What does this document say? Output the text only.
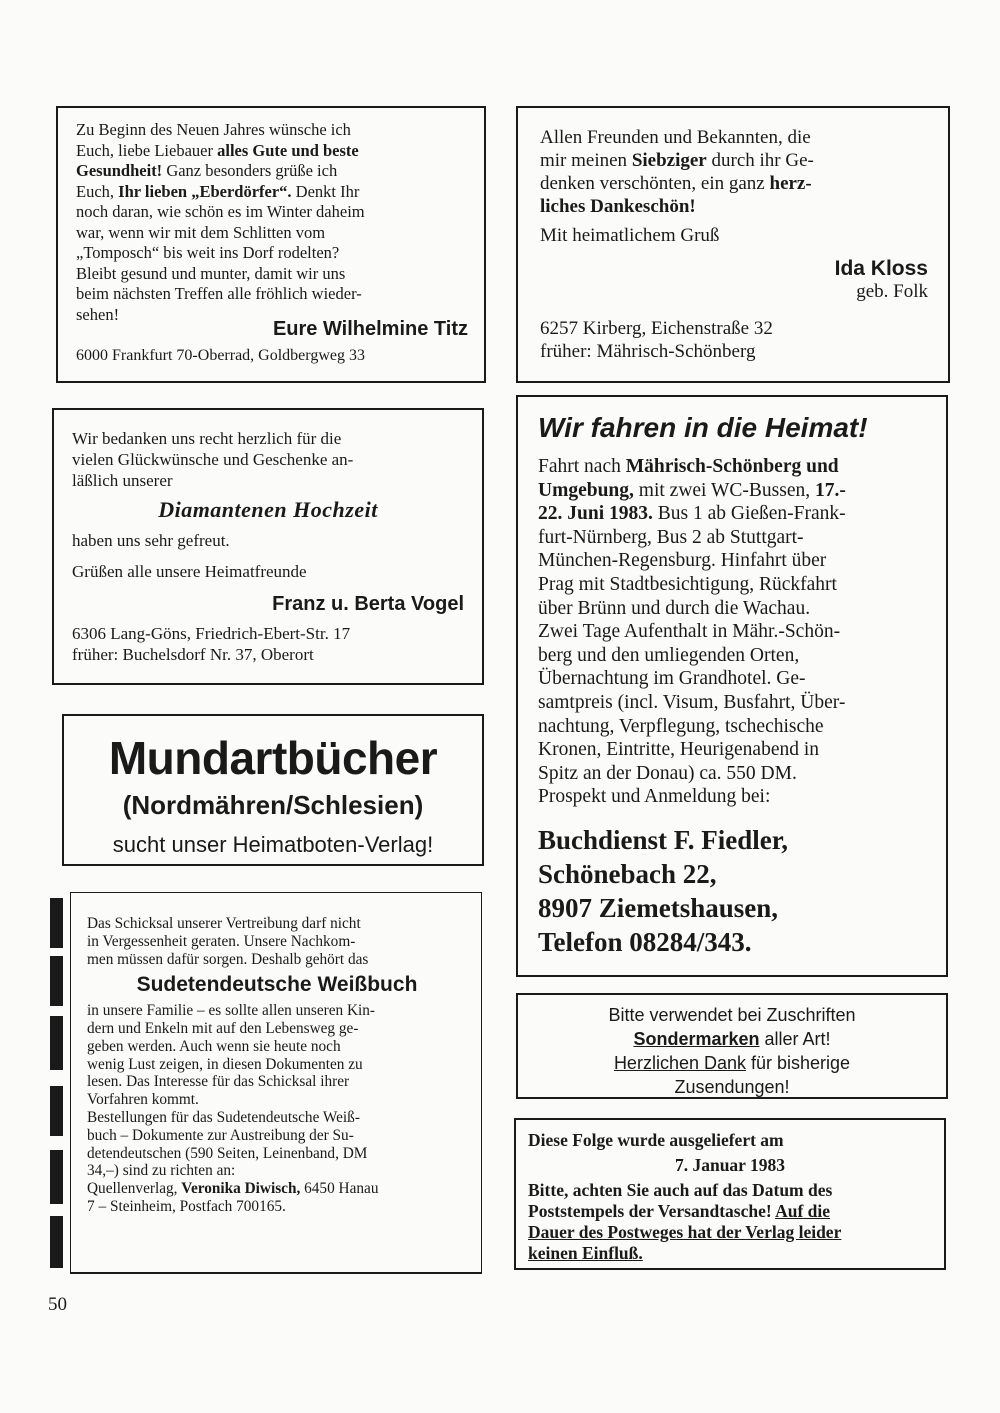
Zu Beginn des Neuen Jahres wünsche ich

Euch, liebe Liebauer alles Gute und beste

Gesundheit! Ganz besonders grüße ich

Euch, Ihr lieben „Eberdörfer“. Denkt Ihr

noch daran, wie schön es im Winter daheim

war, wenn wir mit dem Schlitten vom

„Tomposch“ bis weit ins Dorf rodelten?

Bleibt gesund und munter, damit wir uns

beim nächsten Treffen alle fröhlich wieder-

sehen!

Eure Wilhelmine Titz

6000 Frankfurt 70-Oberrad, Goldbergweg 33

Allen Freunden und Bekannten, die

mir meinen Siebziger durch ihr Ge-

denken verschönten, ein ganz herz-

liches Dankeschön!

Mit heimatlichem Gruß

Ida Kloss

geb. Folk

6257 Kirberg, Eichenstraße 32

früher: Mährisch-Schönberg

Wir bedanken uns recht herzlich für die

vielen Glückwünsche und Geschenke an-

läßlich unserer

Diamantenen Hochzeit

haben uns sehr gefreut.

Grüßen alle unsere Heimatfreunde

Franz u. Berta Vogel

6306 Lang-Göns, Friedrich-Ebert-Str. 17

früher: Buchelsdorf Nr. 37, Oberort

Mundartbücher

(Nordmähren/Schlesien)

sucht unser Heimatboten-Verlag!

Das Schicksal unserer Vertreibung darf nicht

in Vergessenheit geraten. Unsere Nachkom-

men müssen dafür sorgen. Deshalb gehört das

Sudetendeutsche Weißbuch

in unsere Familie – es sollte allen unseren Kin-

dern und Enkeln mit auf den Lebensweg ge-

geben werden. Auch wenn sie heute noch

wenig Lust zeigen, in diesen Dokumenten zu

lesen. Das Interesse für das Schicksal ihrer

Vorfahren kommt.

Bestellungen für das Sudetendeutsche Weiß-

buch – Dokumente zur Austreibung der Su-

detendeutschen (590 Seiten, Leinenband, DM

34,–) sind zu richten an:

Quellenverlag, Veronika Diwisch, 6450 Hanau

7 – Steinheim, Postfach 700165.

Wir fahren in die Heimat!

Fahrt nach Mährisch-Schönberg und

Umgebung, mit zwei WC-Bussen, 17.-

22. Juni 1983. Bus 1 ab Gießen-Frank-

furt-Nürnberg, Bus 2 ab Stuttgart-

München-Regensburg. Hinfahrt über

Prag mit Stadtbesichtigung, Rückfahrt

über Brünn und durch die Wachau.

Zwei Tage Aufenthalt in Mähr.-Schön-

berg und den umliegenden Orten,

Übernachtung im Grandhotel. Ge-

samtpreis (incl. Visum, Busfahrt, Über-

nachtung, Verpflegung, tschechische

Kronen, Eintritte, Heurigenabend in

Spitz an der Donau) ca. 550 DM.

Prospekt und Anmeldung bei:

Buchdienst F. Fiedler,

Schönebach 22,

8907 Ziemetshausen,

Telefon 08284/343.

Bitte verwendet bei Zuschriften

Sondermarken aller Art!

Herzlichen Dank für bisherige

Zusendungen!

Diese Folge wurde ausgeliefert am

7. Januar 1983

Bitte, achten Sie auch auf das Datum des

Poststempels der Versandtasche! Auf die

Dauer des Postweges hat der Verlag leider

keinen Einfluß.

50
